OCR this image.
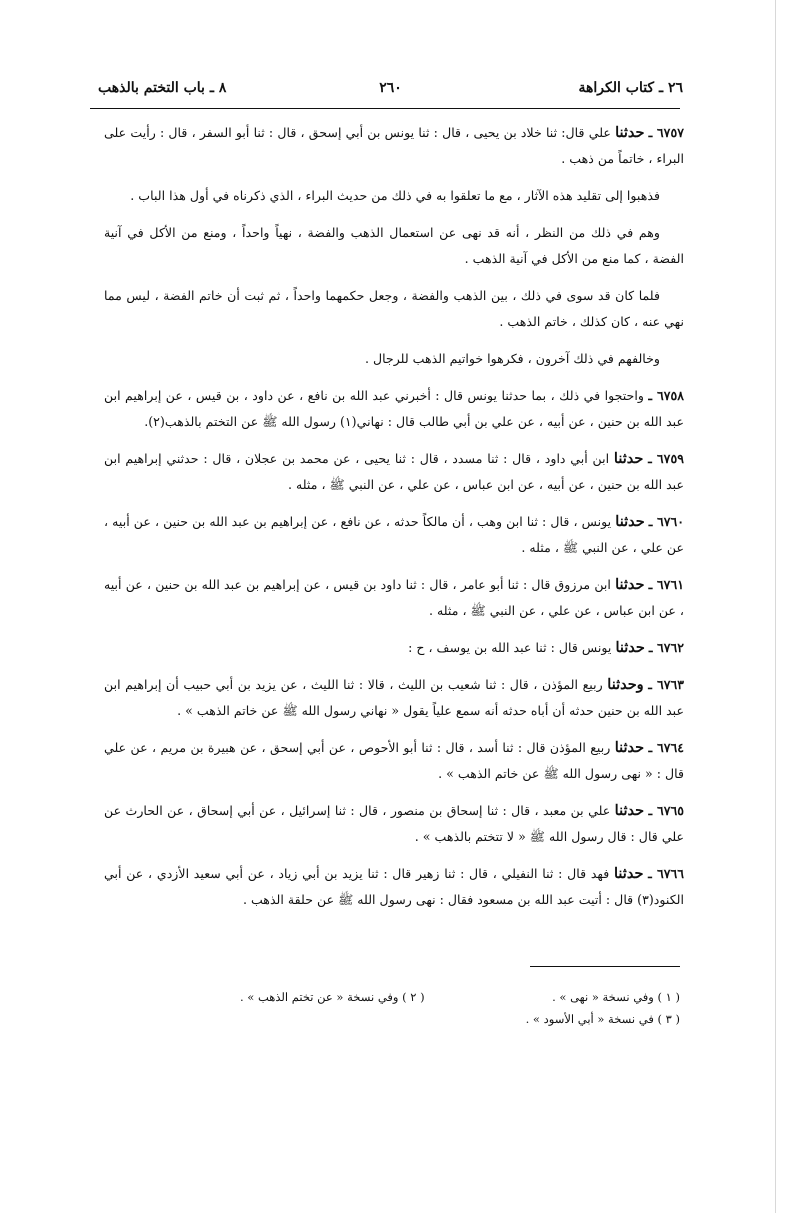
٢٦ ـ كتاب الكراهة
٢٦٠
٨ ـ باب التختم بالذهب

٦٧٥٧ ـ حدثنا علي قال: ثنا خلاد بن يحيى ، قال : ثنا يونس بن أبي إسحق ، قال : ثنا أبو السفر ، قال : رأيت على البراء ، خاتماً من ذهب .

فذهبوا إلى تقليد هذه الآثار ، مع ما تعلقوا به في ذلك من حديث البراء ، الذي ذكرناه في أول هذا الباب .

وهم في ذلك من النظر ، أنه قد نهى عن استعمال الذهب والفضة ، نهياً واحداً ، ومنع من الأكل في آنية الفضة ، كما منع من الأكل في آنية الذهب .

فلما كان قد سوى في ذلك ، بين الذهب والفضة ، وجعل حكمهما واحداً ، ثم ثبت أن خاتم الفضة ، ليس مما نهي عنه ، كان كذلك ، خاتم الذهب .

وخالفهم في ذلك آخرون ، فكرهوا خواتيم الذهب للرجال .

٦٧٥٨ ـ واحتجوا في ذلك ، بما حدثنا يونس قال : أخبرني عبد الله بن نافع ، عن داود ، بن قيس ، عن إبراهيم ابن عبد الله بن حنين ، عن أبيه ، عن علي بن أبي طالب قال : نهاني(١) رسول الله ﷺ عن التختم بالذهب(٢).

٦٧٥٩ ـ حدثنا ابن أبي داود ، قال : ثنا مسدد ، قال : ثنا يحيى ، عن محمد بن عجلان ، قال : حدثني إبراهيم ابن عبد الله بن حنين ، عن أبيه ، عن ابن عباس ، عن علي ، عن النبي ﷺ ، مثله .

٦٧٦٠ ـ حدثنا يونس ، قال : ثنا ابن وهب ، أن مالكاً حدثه ، عن نافع ، عن إبراهيم بن عبد الله بن حنين ، عن أبيه ، عن علي ، عن النبي ﷺ ، مثله .

٦٧٦١ ـ حدثنا ابن مرزوق قال : ثنا أبو عامر ، قال : ثنا داود بن قيس ، عن إبراهيم بن عبد الله بن حنين ، عن أبيه ، عن ابن عباس ، عن علي ، عن النبي ﷺ ، مثله .

٦٧٦٢ ـ حدثنا يونس قال : ثنا عبد الله بن يوسف ، ح :

٦٧٦٣ ـ وحدثنا ربيع المؤذن ، قال : ثنا شعيب بن الليث ، قالا : ثنا الليث ، عن يزيد بن أبي حبيب أن إبراهيم ابن عبد الله بن حنين حدثه أن أباه حدثه أنه سمع علياً يقول « نهاني رسول الله ﷺ عن خاتم الذهب » .

٦٧٦٤ ـ حدثنا ربيع المؤذن قال : ثنا أسد ، قال : ثنا أبو الأحوص ، عن أبي إسحق ، عن هبيرة بن مريم ، عن علي قال : « نهى رسول الله ﷺ عن خاتم الذهب » .

٦٧٦٥ ـ حدثنا علي بن معبد ، قال : ثنا إسحاق بن منصور ، قال : ثنا إسرائيل ، عن أبي إسحاق ، عن الحارث عن علي قال : قال رسول الله ﷺ « لا تتختم بالذهب » .

٦٧٦٦ ـ حدثنا فهد قال : ثنا النفيلي ، قال : ثنا زهير قال : ثنا يزيد بن أبي زياد ، عن أبي سعيد الأزدي ، عن أبي الكنود(٣) قال : أتيت عبد الله بن مسعود فقال : نهى رسول الله ﷺ عن حلقة الذهب .

( ١ ) وفي نسخة « نهى » .
( ٢ ) وفي نسخة « عن تختم الذهب » .
( ٣ ) في نسخة « أبي الأسود » .
